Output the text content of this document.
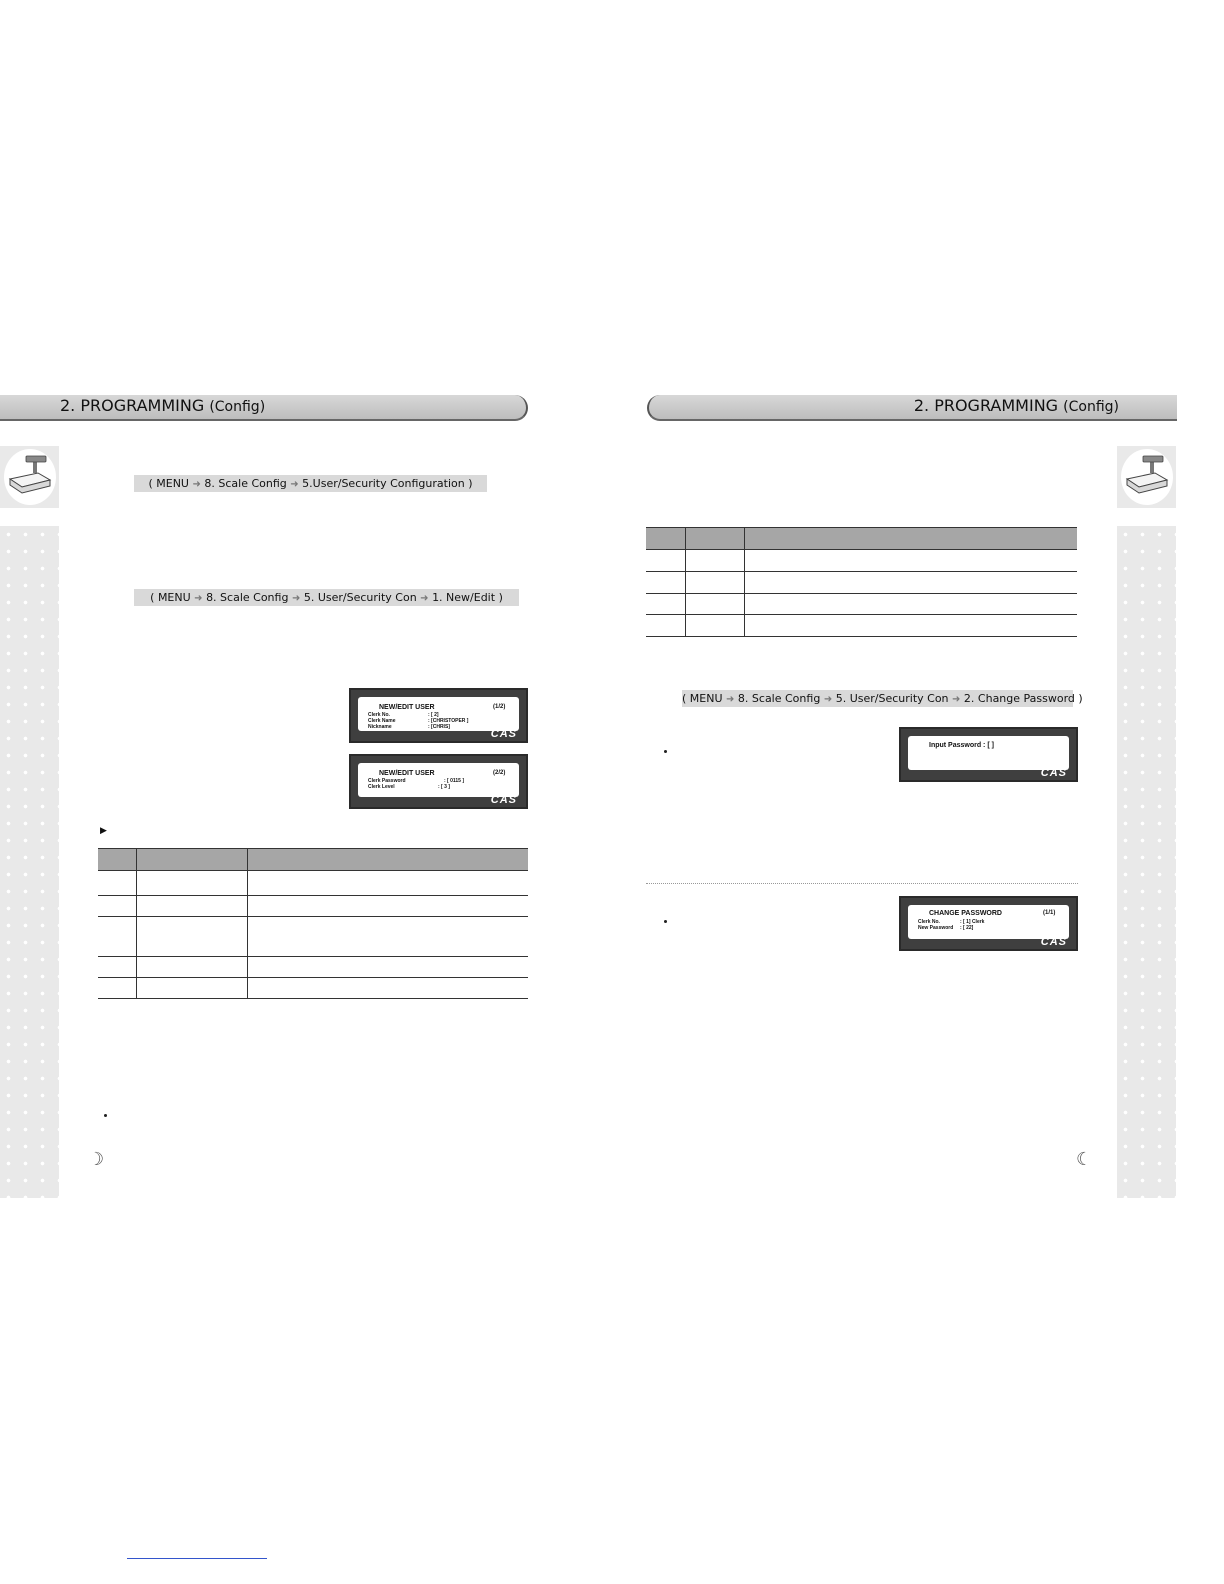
2. PROGRAMMING (Config)
( MENU ➜ 8. Scale Config ➜ 5.User/Security Configuration )
( MENU ➜ 8. Scale Config ➜ 5. User/Security Con ➜ 1. New/Edit )
NEW/EDIT USER	(1/2)
Clerk No.	: [ 2]
Clerk Name	: [CHRISTOPER ]
Nickname	: [CHRIS]
CAS
NEW/EDIT USER	(2/2)
Clerk Password	: [ 0115 ]
Clerk Level	: [ 3 ]
CAS
▶

☽
2. PROGRAMMING (Config)

( MENU ➜ 8. Scale Config ➜ 5. User/Security Con ➜ 2. Change Password )
Input Password : [ ]
CAS
CHANGE PASSWORD	(1/1)
Clerk No.	: [ 1] Clerk
New Password : [ 22]
CAS
☾
